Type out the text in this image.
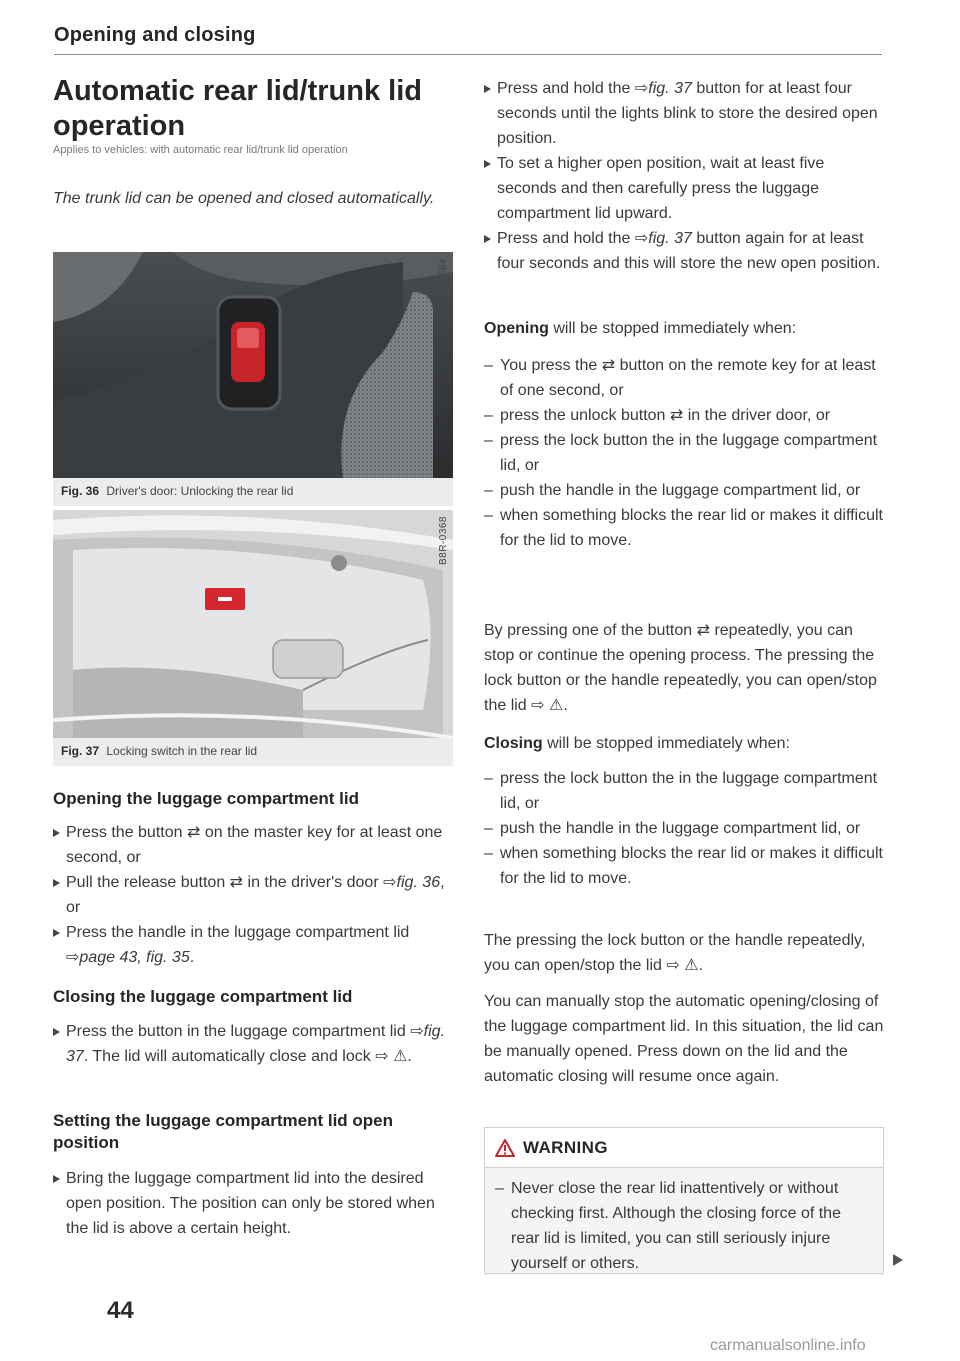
Opening and closing
Automatic rear lid/trunk lid operation
Applies to vehicles: with automatic rear lid/trunk lid operation
The trunk lid can be opened and closed automatically.
B8R-0664
Fig. 36 Driver's door: Unlocking the rear lid
B8R-0368
Fig. 37 Locking switch in the rear lid
Opening the luggage compartment lid
Press the button ⇄ on the master key for at least one second, or
Pull the release button ⇄ in the driver's door ⇨fig. 36, or
Press the handle in the luggage compartment lid ⇨page 43, fig. 35.
Closing the luggage compartment lid
Press the button in the luggage compartment lid ⇨fig. 37. The lid will automatically close and lock ⇨ ⚠.
Setting the luggage compartment lid open position
Bring the luggage compartment lid into the desired open position. The position can only be stored when the lid is above a certain height.
44
Press and hold the ⇨fig. 37 button for at least four seconds until the lights blink to store the desired open position.
To set a higher open position, wait at least five seconds and then carefully press the luggage compartment lid upward.
Press and hold the ⇨fig. 37 button again for at least four seconds and this will store the new open position.
Opening will be stopped immediately when:
– You press the ⇄ button on the remote key for at least of one second, or
– press the unlock button ⇄ in the driver door, or
– press the lock button the in the luggage compartment lid, or
– push the handle in the luggage compartment lid, or
– when something blocks the rear lid or makes it difficult for the lid to move.
By pressing one of the button ⇄ repeatedly, you can stop or continue the opening process. The pressing the lock button or the handle repeatedly, you can open/stop the lid ⇨ ⚠.
Closing will be stopped immediately when:
– press the lock button the in the luggage compartment lid, or
– push the handle in the luggage compartment lid, or
– when something blocks the rear lid or makes it difficult for the lid to move.
The pressing the lock button or the handle repeatedly, you can open/stop the lid ⇨ ⚠.
You can manually stop the automatic opening/closing of the luggage compartment lid. In this situation, the lid can be manually opened. Press down on the lid and the automatic closing will resume once again.
WARNING
– Never close the rear lid inattentively or without checking first. Although the closing force of the rear lid is limited, you can still seriously injure yourself or others.
carmanualsonline.info
